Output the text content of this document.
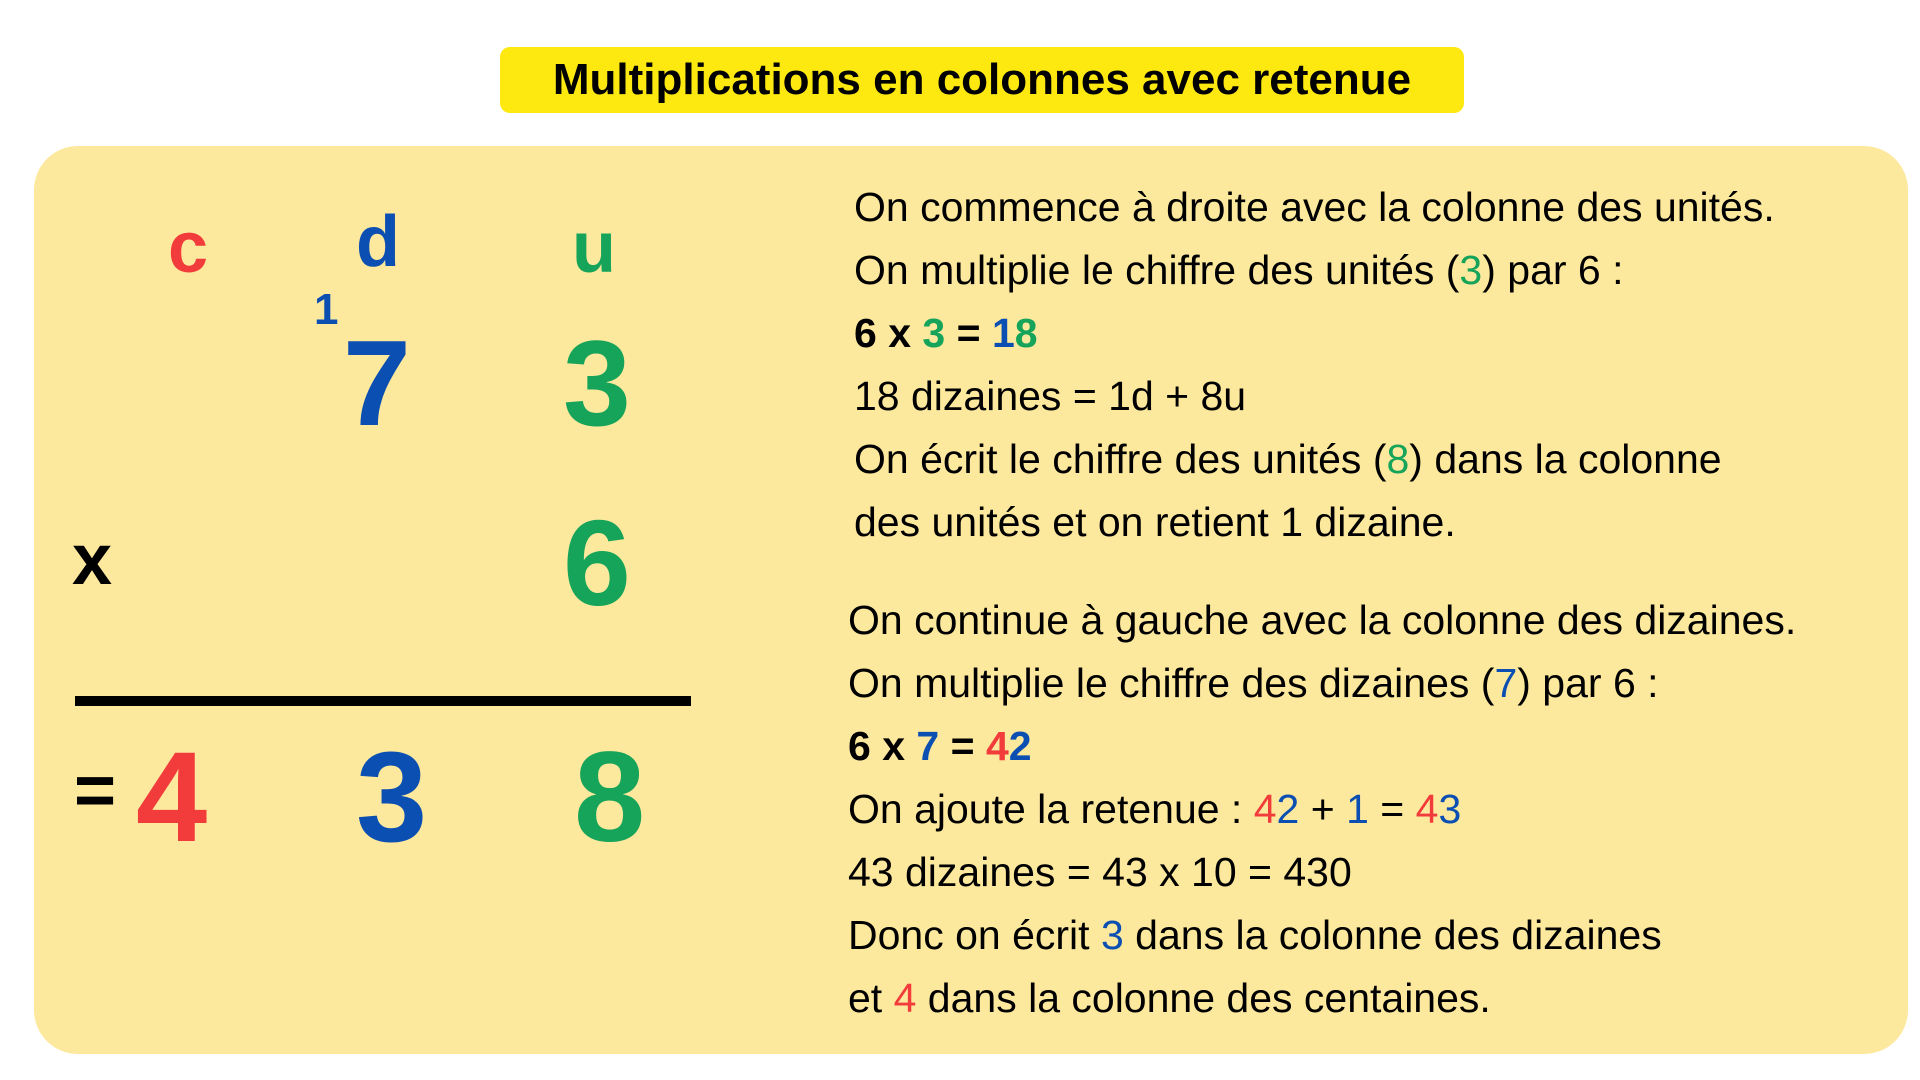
Multiplications en colonnes avec retenue
c d u
1
7 3
x	6
= 4 3 8
On commence à droite avec la colonne des unités.
On multiplie le chiffre des unités (3) par 6 :
6 x 3 = 18
18 dizaines = 1d + 8u
On écrit le chiffre des unités (8) dans la colonne
des unités et on retient 1 dizaine.
On continue à gauche avec la colonne des dizaines.
On multiplie le chiffre des dizaines (7) par 6 :
6 x 7 = 42
On ajoute la retenue : 42 + 1 = 43
43 dizaines = 43 x 10 = 430
Donc on écrit 3 dans la colonne des dizaines
et 4 dans la colonne des centaines.
